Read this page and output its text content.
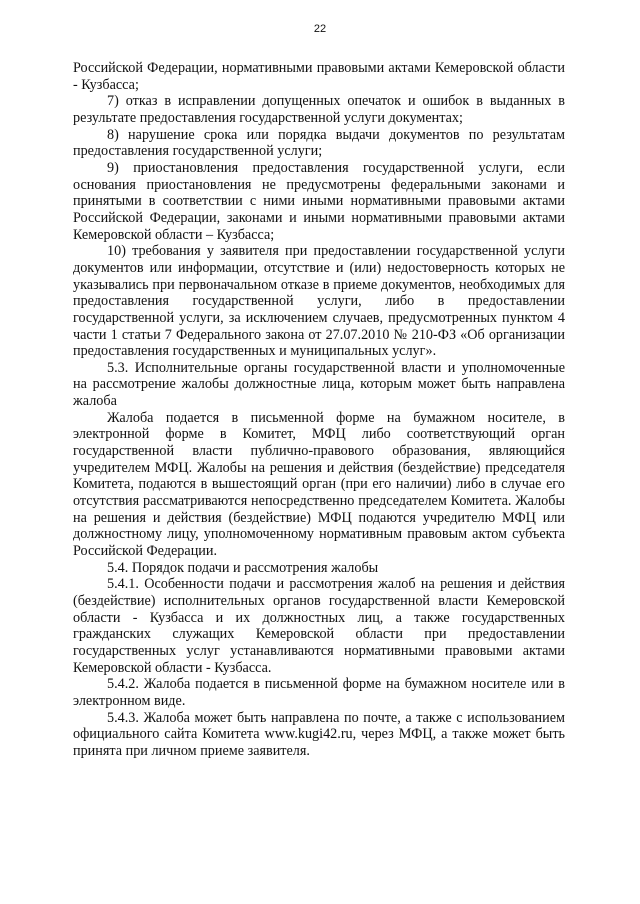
22

Российской Федерации, нормативными правовыми актами Кемеровской области - Кузбасса;

7) отказ в исправлении допущенных опечаток и ошибок в выданных в результате предоставления государственной услуги документах;

8) нарушение срока или порядка выдачи документов по результатам предоставления государственной услуги;

9) приостановления предоставления государственной услуги, если основания приостановления не предусмотрены федеральными законами и принятыми в соответствии с ними иными нормативными правовыми актами Российской Федерации, законами и иными нормативными правовыми актами Кемеровской области – Кузбасса;

10) требования у заявителя при предоставлении государственной услуги документов или информации, отсутствие и (или) недостоверность которых не указывались при первоначальном отказе в приеме документов, необходимых для предоставления государственной услуги, либо в предоставлении государственной услуги, за исключением случаев, предусмотренных пунктом 4 части 1 статьи 7 Федерального закона от 27.07.2010 № 210-ФЗ «Об организации предоставления государственных и муниципальных услуг».

5.3. Исполнительные органы государственной власти и уполномоченные на рассмотрение жалобы должностные лица, которым может быть направлена жалоба

Жалоба подается в письменной форме на бумажном носителе, в электронной форме в Комитет, МФЦ либо соответствующий орган государственной власти публично-правового образования, являющийся учредителем МФЦ. Жалобы на решения и действия (бездействие) председателя Комитета, подаются в вышестоящий орган (при его наличии) либо в случае его отсутствия рассматриваются непосредственно председателем Комитета. Жалобы на решения и действия (бездействие) МФЦ подаются учредителю МФЦ или должностному лицу, уполномоченному нормативным правовым актом субъекта Российской Федерации.

5.4. Порядок подачи и рассмотрения жалобы

5.4.1. Особенности подачи и рассмотрения жалоб на решения и действия (бездействие) исполнительных органов государственной власти Кемеровской области - Кузбасса и их должностных лиц, а также государственных гражданских служащих Кемеровской области при предоставлении государственных услуг устанавливаются нормативными правовыми актами Кемеровской области - Кузбасса.

5.4.2. Жалоба подается в письменной форме на бумажном носителе или в электронном виде.

5.4.3. Жалоба может быть направлена по почте, а также с использованием официального сайта Комитета www.kugi42.ru, через МФЦ, а также может быть принята при личном приеме заявителя.
